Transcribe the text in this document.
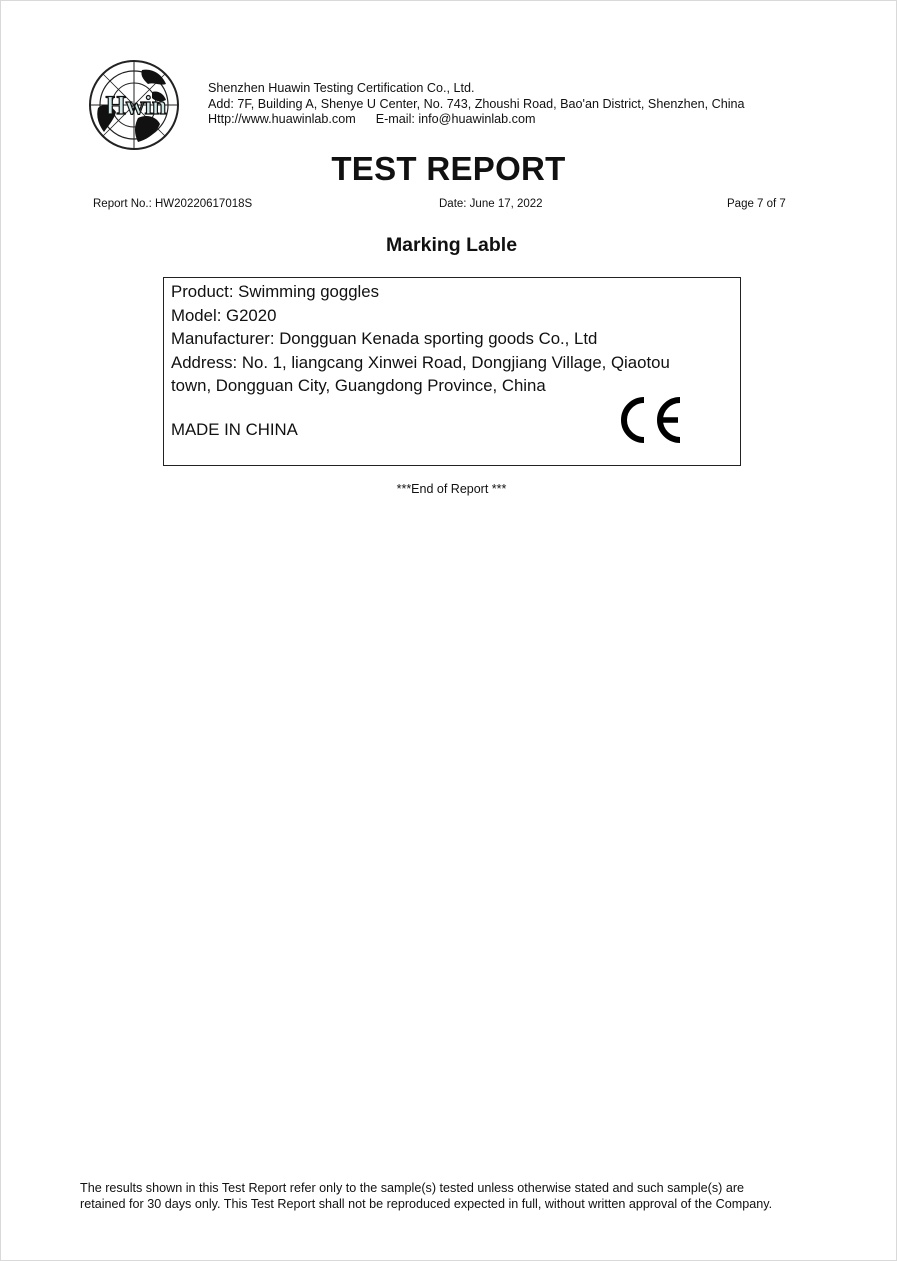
Hwin
Shenzhen Huawin Testing Certification Co., Ltd.
Add: 7F, Building A, Shenye U Center, No. 743, Zhoushi Road, Bao'an District, Shenzhen, China
Http://www.huawinlab.com E-mail: info@huawinlab.com
TEST REPORT
Report No.: HW20220617018S	Date: June 17, 2022	Page 7 of 7
Marking Lable
Product: Swimming goggles
Model: G2020
Manufacturer: Dongguan Kenada sporting goods Co., Ltd
Address: No. 1, liangcang Xinwei Road, Dongjiang Village, Qiaotou
town, Dongguan City, Guangdong Province, China
MADE IN CHINA
***End of Report ***
The results shown in this Test Report refer only to the sample(s) tested unless otherwise stated and such sample(s) are
retained for 30 days only. This Test Report shall not be reproduced expected in full, without written approval of the Company.
